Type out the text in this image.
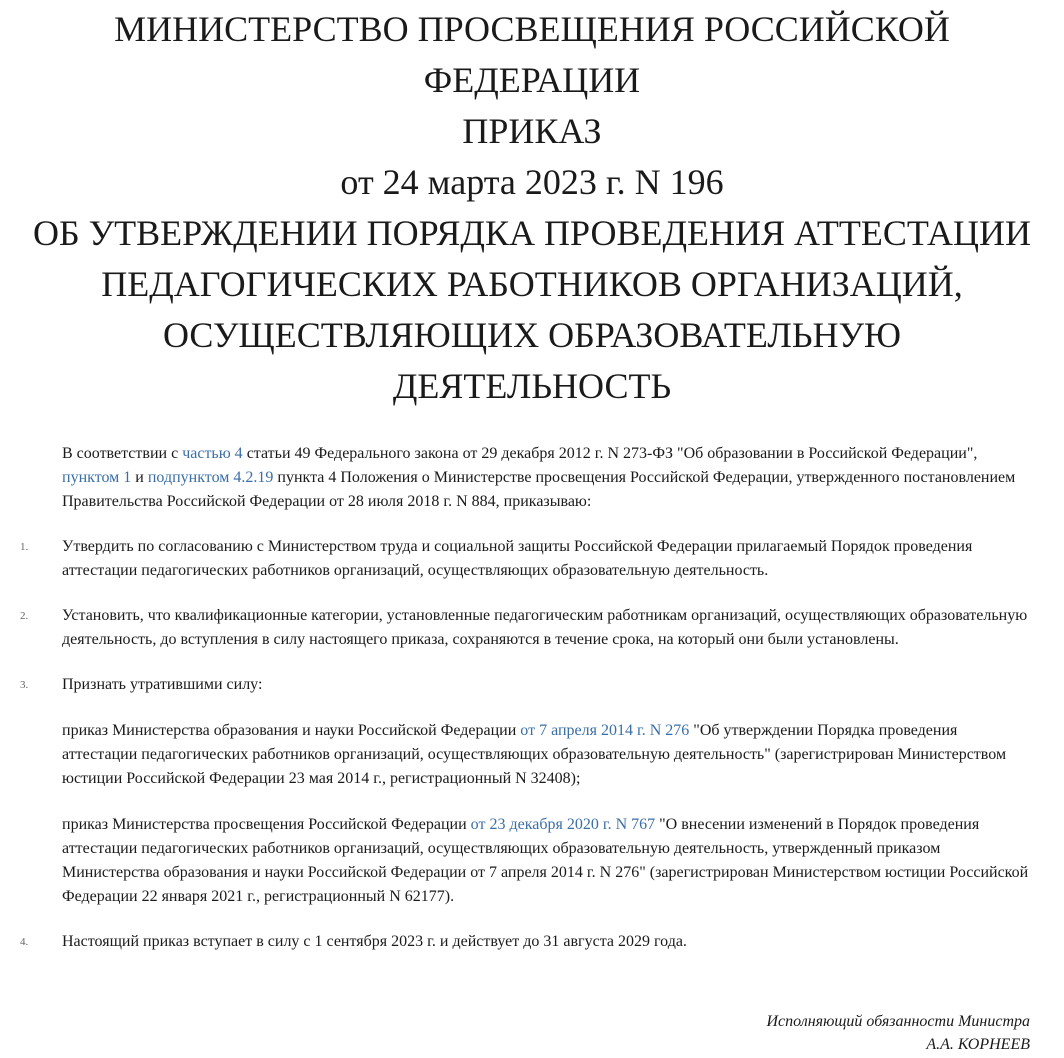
МИНИСТЕРСТВО ПРОСВЕЩЕНИЯ РОССИЙСКОЙ
ФЕДЕРАЦИИ
ПРИКАЗ
от 24 марта 2023 г. N 196
ОБ УТВЕРЖДЕНИИ ПОРЯДКА ПРОВЕДЕНИЯ АТТЕСТАЦИИ
ПЕДАГОГИЧЕСКИХ РАБОТНИКОВ ОРГАНИЗАЦИЙ,
ОСУЩЕСТВЛЯЮЩИХ ОБРАЗОВАТЕЛЬНУЮ
ДЕЯТЕЛЬНОСТЬ

В соответствии с частью 4 статьи 49 Федерального закона от 29 декабря 2012 г. N 273-ФЗ "Об образовании в Российской Федерации", пунктом 1 и подпунктом 4.2.19 пункта 4 Положения о Министерстве просвещения Российской Федерации, утвержденного постановлением Правительства Российской Федерации от 28 июля 2018 г. N 884, приказываю:

1. Утвердить по согласованию с Министерством труда и социальной защиты Российской Федерации прилагаемый Порядок проведения аттестации педагогических работников организаций, осуществляющих образовательную деятельность.
2. Установить, что квалификационные категории, установленные педагогическим работникам организаций, осуществляющих образовательную деятельность, до вступления в силу настоящего приказа, сохраняются в течение срока, на который они были установлены.
3. Признать утратившими силу:
приказ Министерства образования и науки Российской Федерации от 7 апреля 2014 г. N 276 "Об утверждении Порядка проведения аттестации педагогических работников организаций, осуществляющих образовательную деятельность" (зарегистрирован Министерством юстиции Российской Федерации 23 мая 2014 г., регистрационный N 32408);
приказ Министерства просвещения Российской Федерации от 23 декабря 2020 г. N 767 "О внесении изменений в Порядок проведения аттестации педагогических работников организаций, осуществляющих образовательную деятельность, утвержденный приказом Министерства образования и науки Российской Федерации от 7 апреля 2014 г. N 276" (зарегистрирован Министерством юстиции Российской Федерации 22 января 2021 г., регистрационный N 62177).
4. Настоящий приказ вступает в силу с 1 сентября 2023 г. и действует до 31 августа 2029 года.
Исполняющий обязанности Министра
А.А. КОРНЕЕВ
